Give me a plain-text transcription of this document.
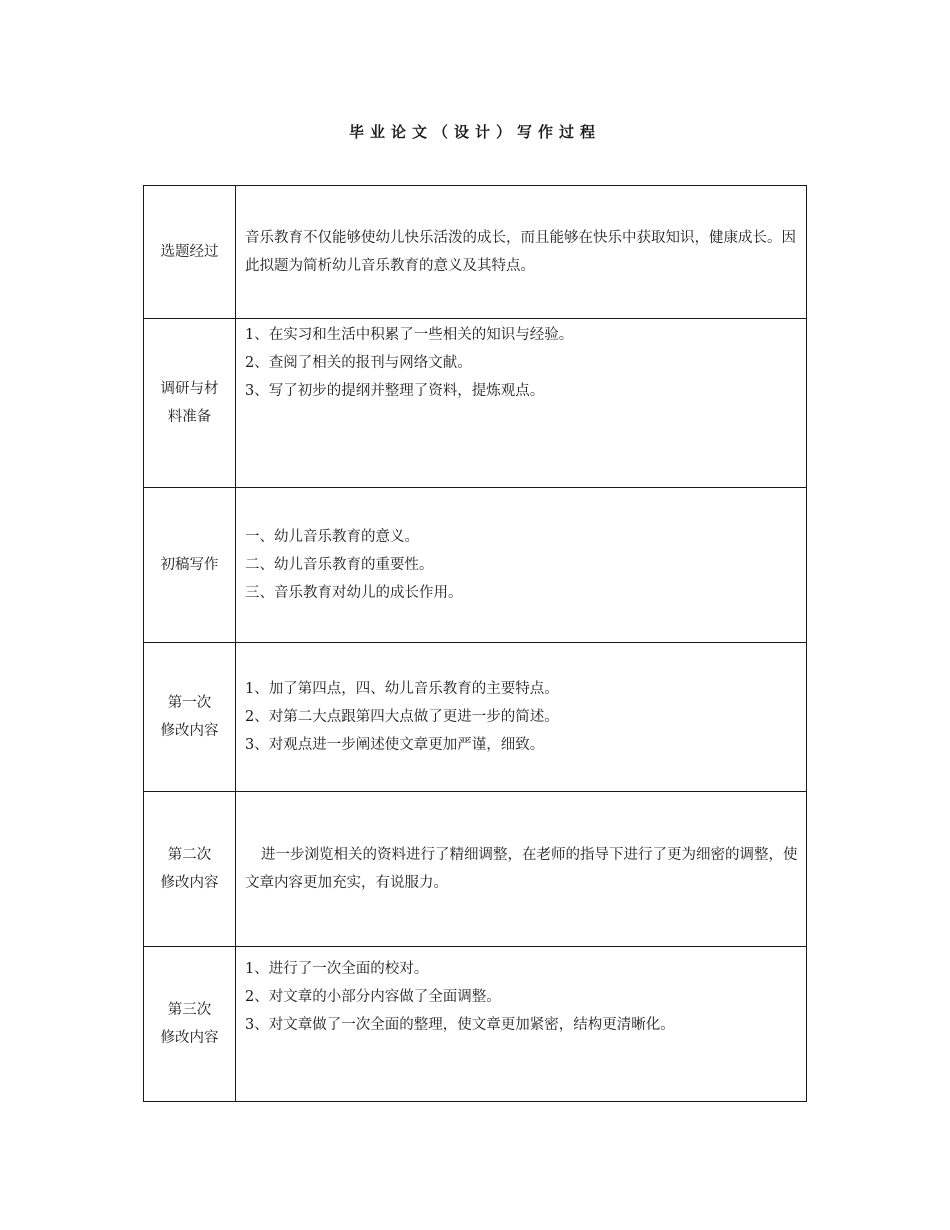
毕业论文（设计）写作过程
选题经过	音乐教育不仅能够使幼儿快乐活泼的成长，而且能够在快乐中获取知识，健康成长。因此拟题为简析幼儿音乐教育的意义及其特点。

调研与材
料准备	1、在实习和生活中积累了一些相关的知识与经验。
2、查阅了相关的报刊与网络文献。
3、写了初步的提纲并整理了资料，提炼观点。

初稿写作	一、幼儿音乐教育的意义。
二、幼儿音乐教育的重要性。
三、音乐教育对幼儿的成长作用。

第一次
修改内容	1、加了第四点，四、幼儿音乐教育的主要特点。
2、对第二大点跟第四大点做了更进一步的简述。
3、对观点进一步阐述使文章更加严谨，细致。

第二次
修改内容	进一步浏览相关的资料进行了精细调整，在老师的指导下进行了更为细密的调整，使文章内容更加充实，有说服力。

第三次
修改内容	1、进行了一次全面的校对。
2、对文章的小部分内容做了全面调整。
3、对文章做了一次全面的整理，使文章更加紧密，结构更清晰化。
